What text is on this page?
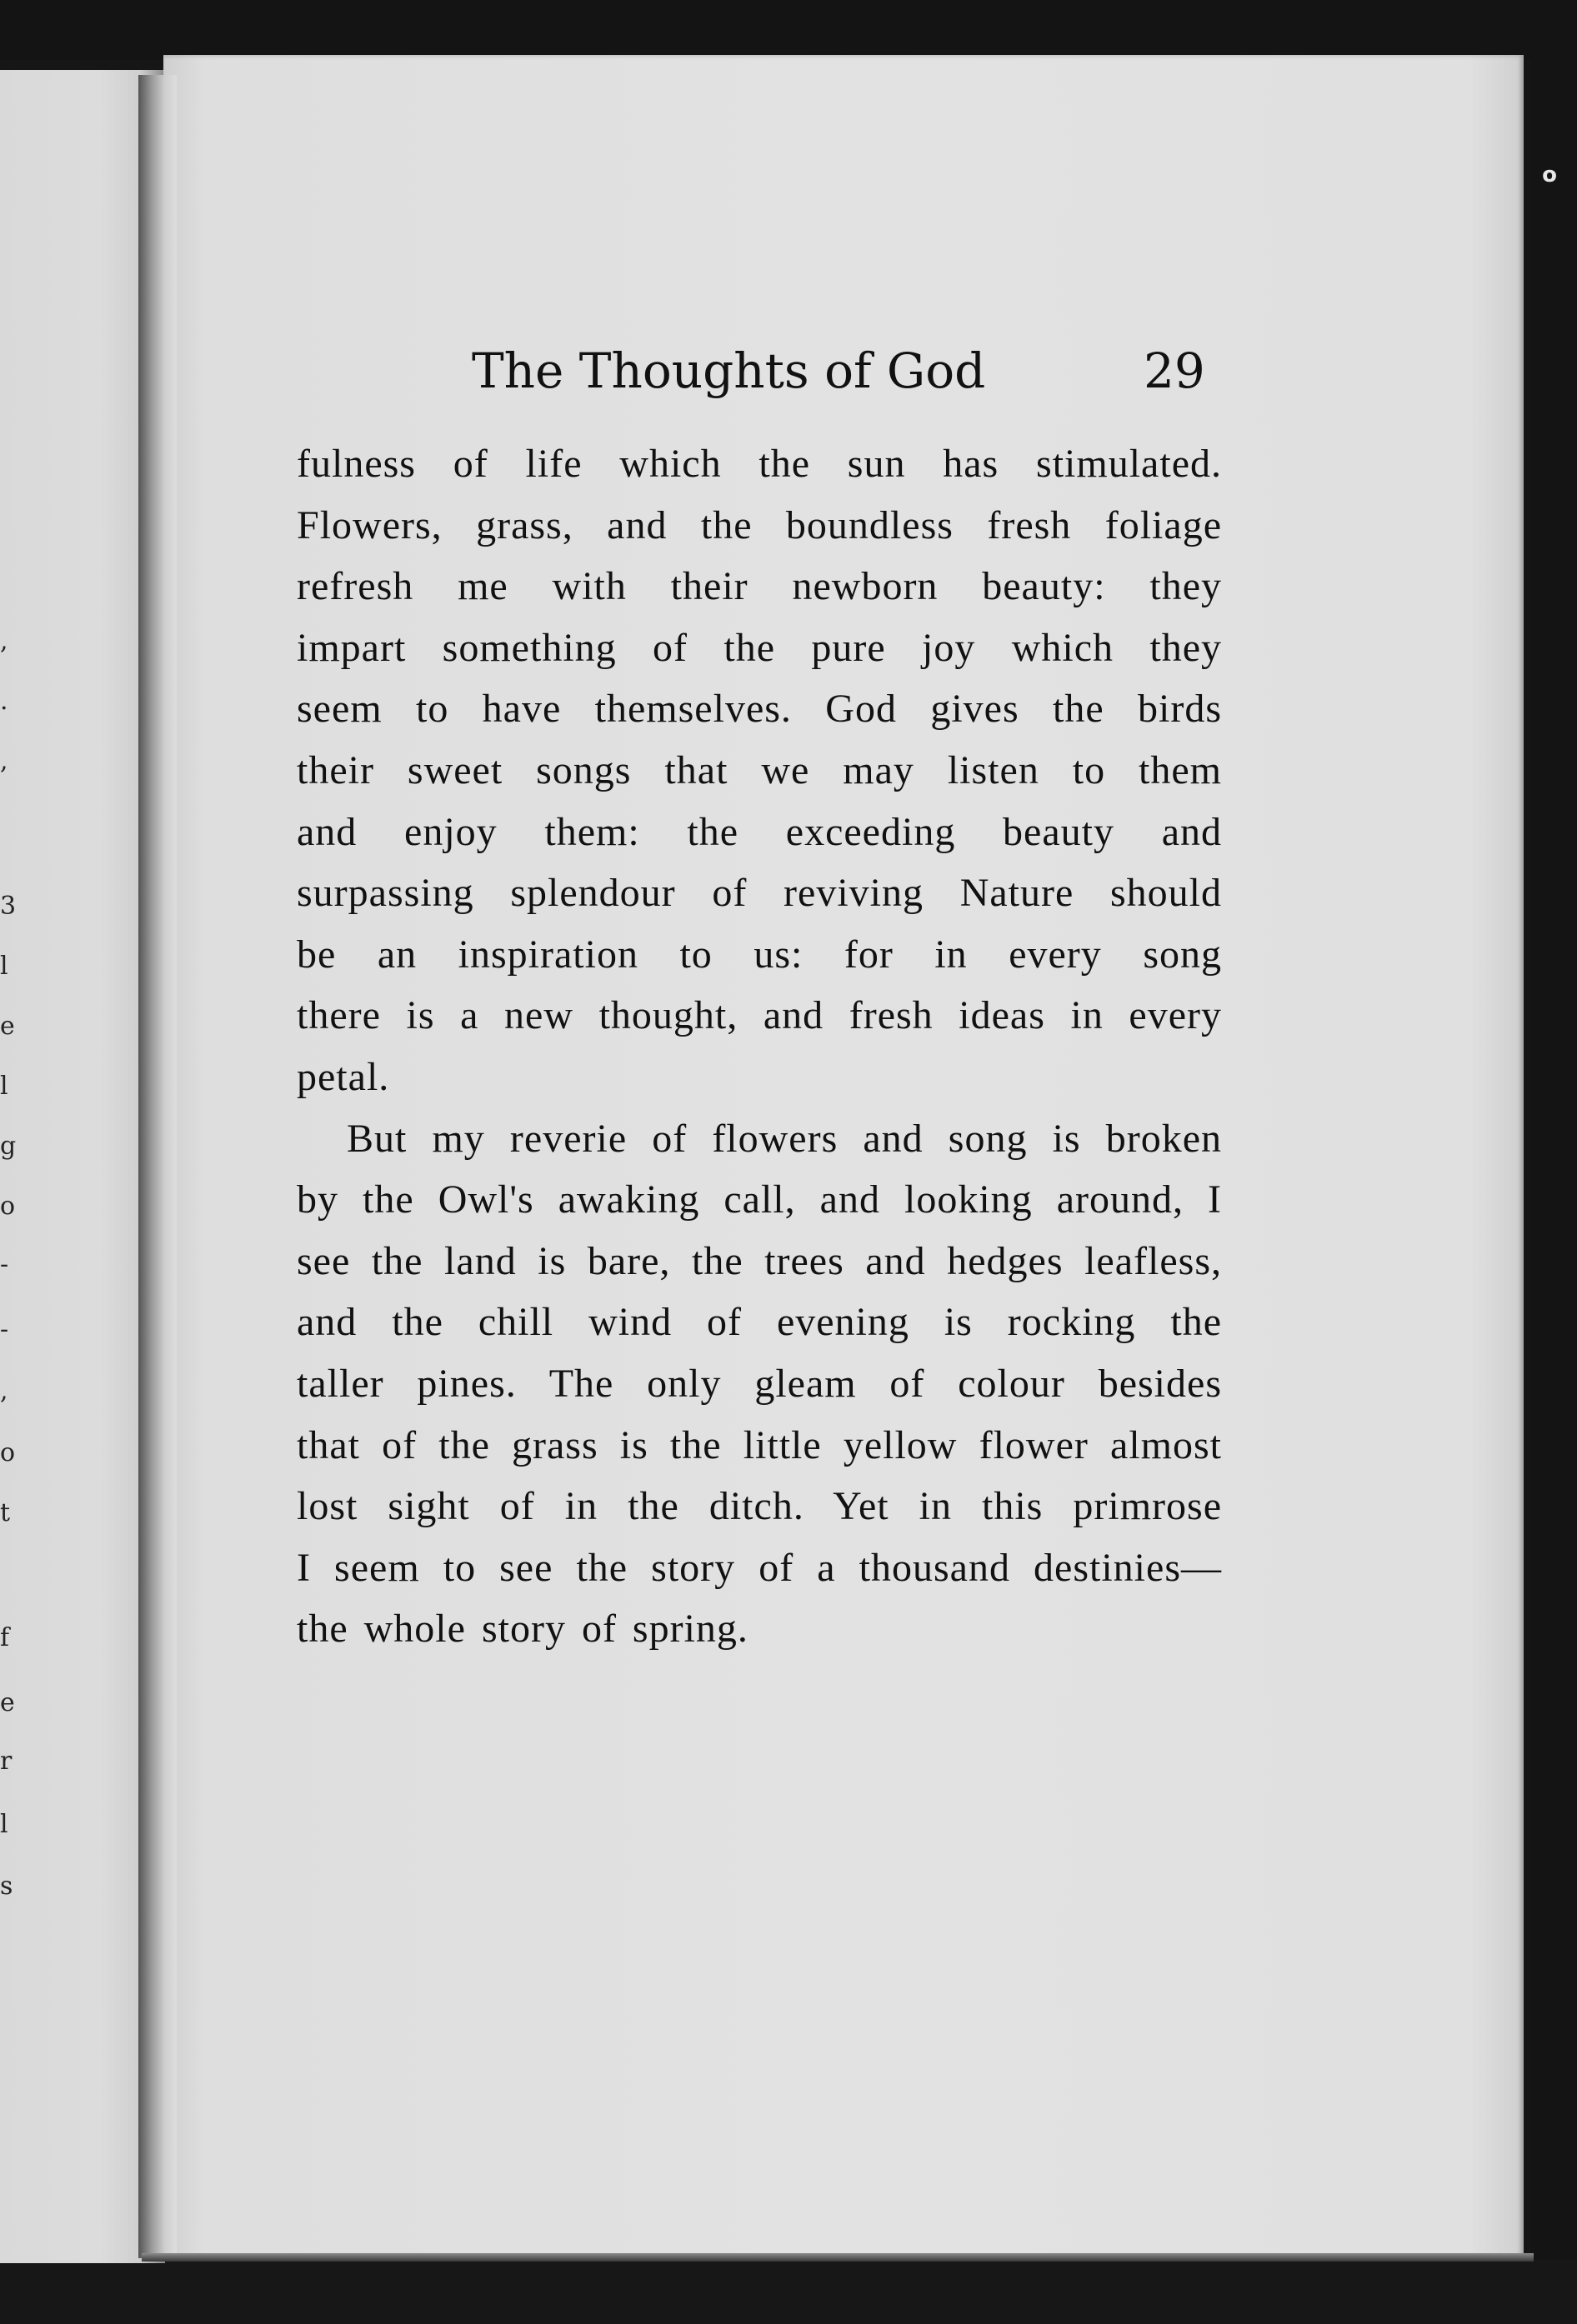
o
,
.
,
3
l
e
l
g
o
-
-
,
o
t
f
e
r
l
s
The Thoughts of God	29
fulness of life which the sun has stimulated.
Flowers, grass, and the boundless fresh foliage
refresh me with their newborn beauty: they
impart something of the pure joy which they
seem to have themselves. God gives the birds
their sweet songs that we may listen to them
and enjoy them: the exceeding beauty and
surpassing splendour of reviving Nature should
be an inspiration to us: for in every song
there is a new thought, and fresh ideas in every
petal.
But my reverie of flowers and song is broken
by the Owl's awaking call, and looking around, I
see the land is bare, the trees and hedges leafless,
and the chill wind of evening is rocking the
taller pines. The only gleam of colour besides
that of the grass is the little yellow flower almost
lost sight of in the ditch. Yet in this primrose
I seem to see the story of a thousand destinies—
the whole story of spring.
